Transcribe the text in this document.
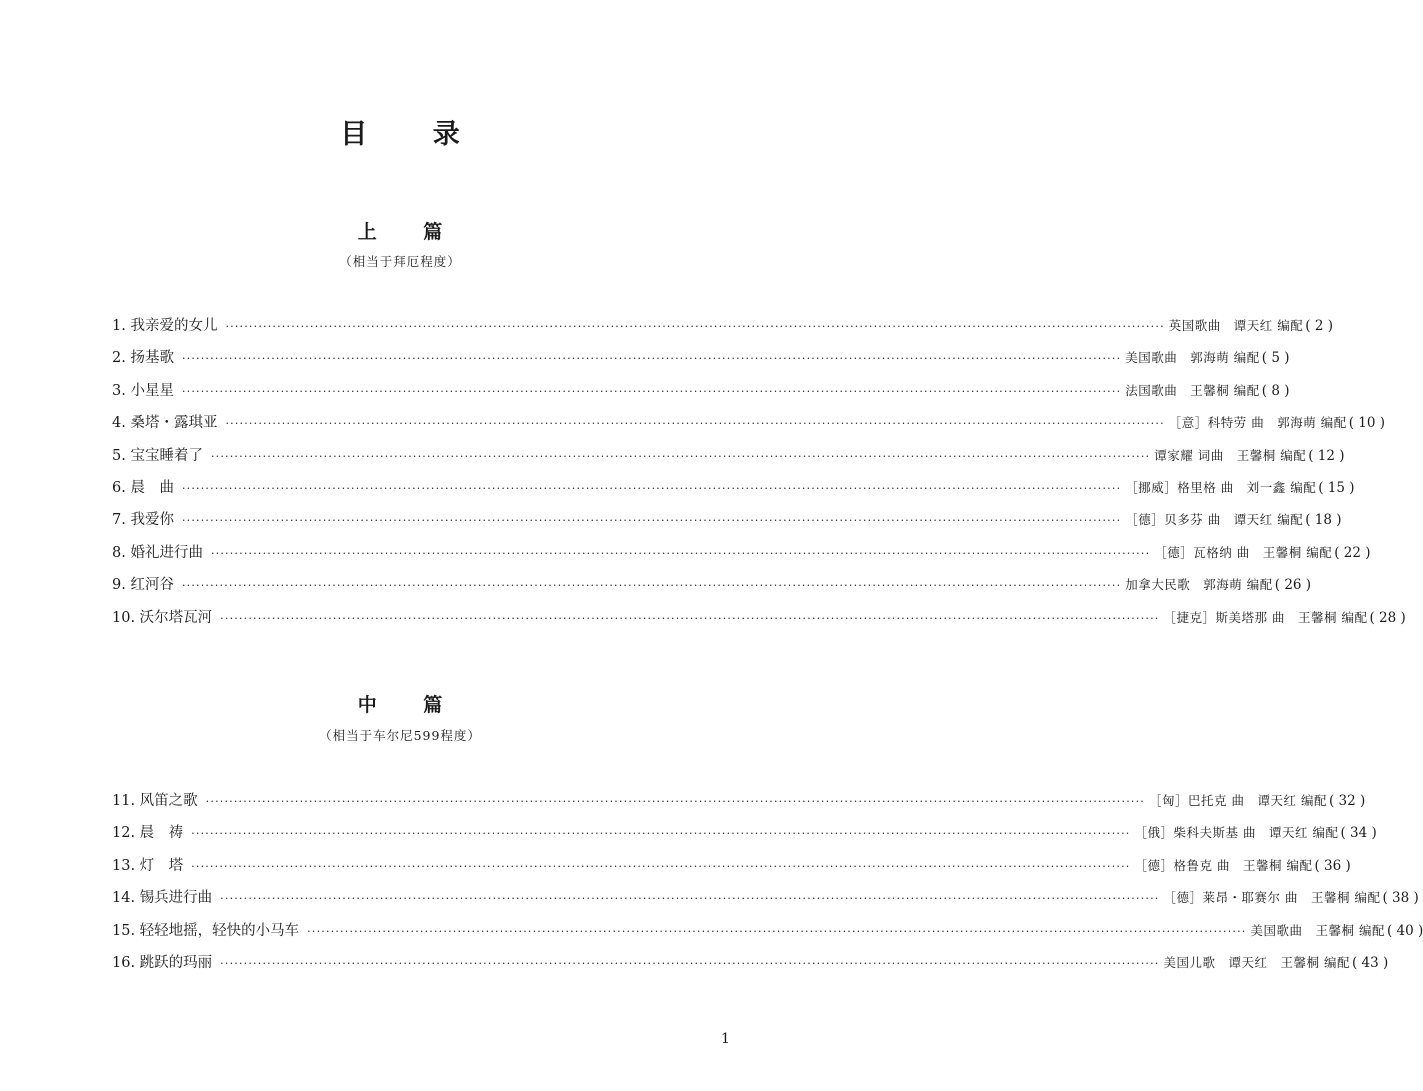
目 录
上 篇
（相当于拜厄程度）
1. 我亲爱的女儿 ········································································································································································································ 英国歌曲　谭天红 编配 ( 2 )
2. 扬基歌 ········································································································································································································ 美国歌曲　郭海萌 编配 ( 5 )
3. 小星星 ········································································································································································································ 法国歌曲　王馨桐 编配 ( 8 )
4. 桑塔・露琪亚 ········································································································································································································ ［意］科特劳 曲　郭海萌 编配 ( 10 )
5. 宝宝睡着了 ········································································································································································································ 谭家耀 词曲　王馨桐 编配 ( 12 )
6. 晨　曲 ········································································································································································································ ［挪威］格里格 曲　刘一鑫 编配 ( 15 )
7. 我爱你 ········································································································································································································ ［德］贝多芬 曲　谭天红 编配 ( 18 )
8. 婚礼进行曲 ········································································································································································································ ［德］瓦格纳 曲　王馨桐 编配 ( 22 )
9. 红河谷 ········································································································································································································ 加拿大民歌　郭海萌 编配 ( 26 )
10. 沃尔塔瓦河 ········································································································································································································ ［捷克］斯美塔那 曲　王馨桐 编配 ( 28 )
中 篇
（相当于车尔尼599程度）
11. 风笛之歌 ········································································································································································································ ［匈］巴托克 曲　谭天红 编配 ( 32 )
12. 晨　祷 ········································································································································································································ ［俄］柴科夫斯基 曲　谭天红 编配 ( 34 )
13. 灯　塔 ········································································································································································································ ［德］格鲁克 曲　王馨桐 编配 ( 36 )
14. 锡兵进行曲 ········································································································································································································ ［德］莱昂・耶赛尔 曲　王馨桐 编配 ( 38 )
15. 轻轻地摇，轻快的小马车 ········································································································································································································ 美国歌曲　王馨桐 编配 ( 40 )
16. 跳跃的玛丽 ········································································································································································································ 美国儿歌　谭天红　王馨桐 编配 ( 43 )
1
